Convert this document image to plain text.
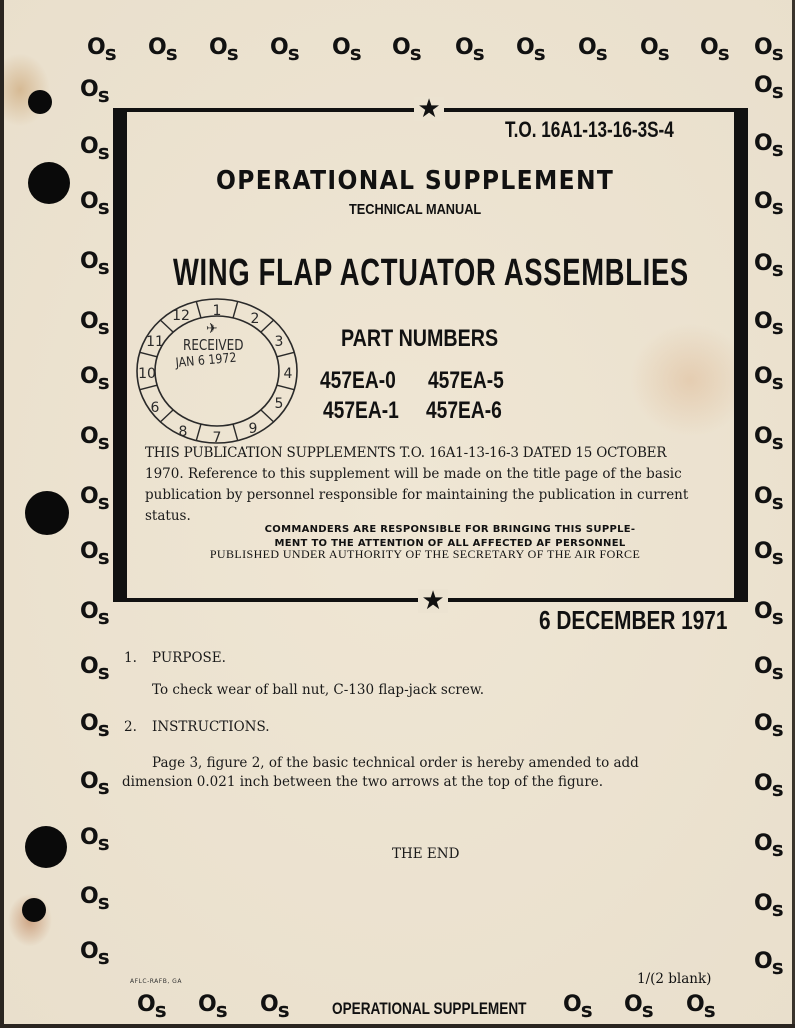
Os Os Os Os Os Os Os Os Os Os Os Os
Os
Os
Os
Os
Os
Os
Os
Os
Os
Os
Os
Os
Os
Os
Os
Os
Os
Os
Os
Os
Os
Os
Os
Os
Os
Os
Os
Os
Os
Os
Os
Os
Os Os Os	Os Os Os
★
★
T.O. 16A1-13-16-3S-4
OPERATIONAL SUPPLEMENT
TECHNICAL MANUAL
WING FLAP ACTUATOR ASSEMBLIES
1 2
3
4
5
9
7
8
6
10
11
12
RECEIVED
JAN 6 1972
✈	PART NUMBERS
457EA-0 457EA-5
457EA-1 457EA-6

THIS PUBLICATION SUPPLEMENTS T.O. 16A1-13-16-3 DATED 15 OCTOBER

1970. Reference to this supplement will be made on the title page of the basic publication by personnel responsible for maintaining the publication in current status.

COMMANDERS ARE RESPONSIBLE FOR BRINGING THIS SUPPLE-
MENT TO THE ATTENTION OF ALL AFFECTED AF PERSONNEL
PUBLISHED UNDER AUTHORITY OF THE SECRETARY OF THE AIR FORCE
6 DECEMBER 1971
1. PURPOSE.
To check wear of ball nut, C-130 flap-jack screw.
2. INSTRUCTIONS.
Page 3, figure 2, of the basic technical order is hereby amended to add
dimension 0.021 inch between the two arrows at the top of the figure.
THE END
AFLC-RAFB, GA	1/(2 blank)
OPERATIONAL SUPPLEMENT
